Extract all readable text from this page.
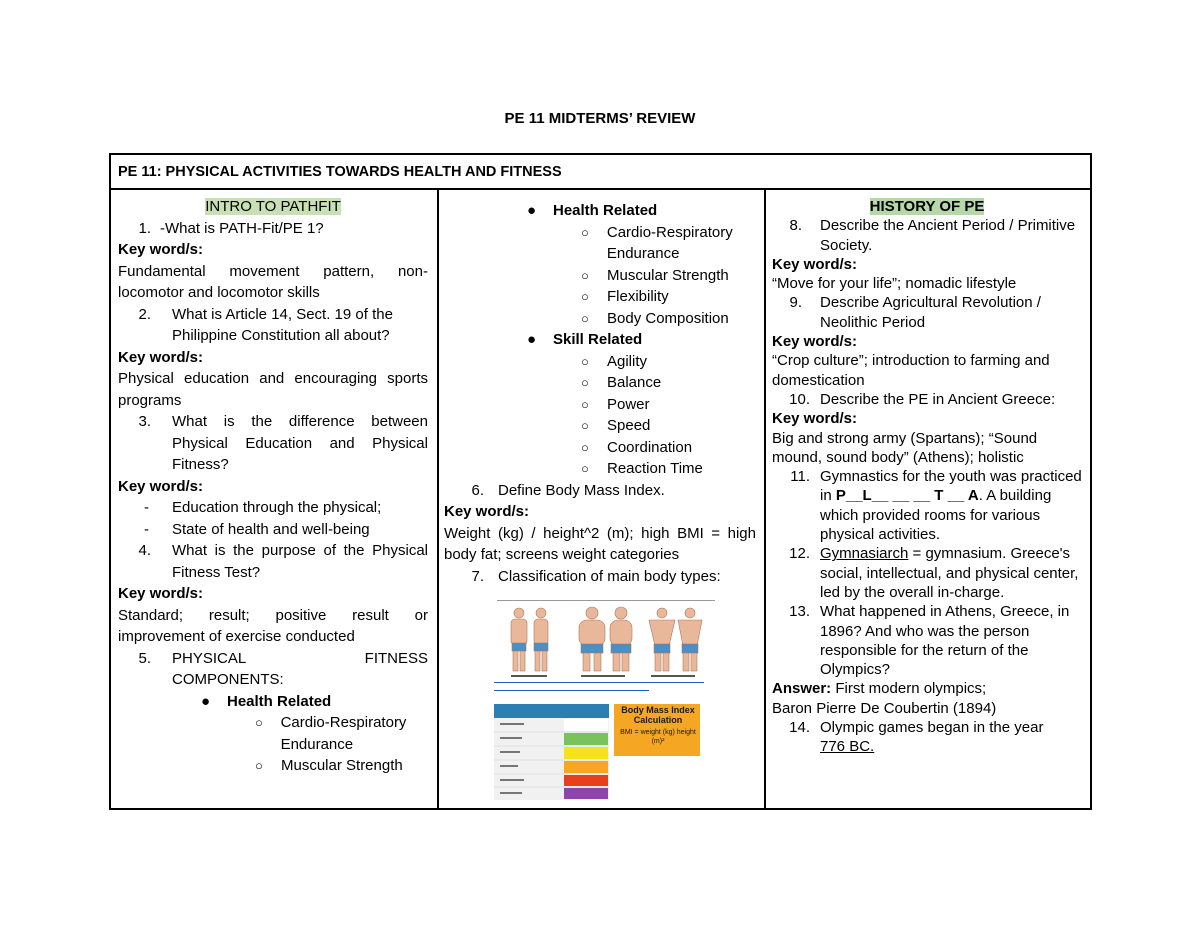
PE 11 MIDTERMS’ REVIEW
PE 11: PHYSICAL ACTIVITIES TOWARDS HEALTH AND FITNESS
INTRO TO PATHFIT
1. -What is PATH-Fit/PE 1?
Key word/s:
Fundamental movement pattern, non-locomotor and locomotor skills
2.	What is Article 14, Sect. 19 of the Philippine Constitution all about?
Key word/s:
Physical education and encouraging sports programs
3.	What is the difference between Physical Education and Physical Fitness?
Key word/s:
-	Education through the physical;
-	State of health and well-being
4.	What is the purpose of the Physical Fitness Test?
Key word/s:
Standard; result; positive result or improvement of exercise conducted
5.	PHYSICAL	FITNESS
COMPONENTS:
●	Health Related
○	Cardio-Respiratory Endurance
○	Muscular Strength
●	Health Related
○	Cardio-Respiratory Endurance
○	Muscular Strength
○	Flexibility
○	Body Composition
●	Skill Related
○	Agility
○	Balance
○	Power
○	Speed
○	Coordination
○	Reaction Time
6. Define Body Mass Index.
Key word/s:
Weight (kg) / height^2 (m); high BMI = high body fat; screens weight categories
7. Classification of main body types:
Body Mass Index Calculation
BMI = weight (kg) height (m)²
HISTORY OF PE
8.	Describe the Ancient Period / Primitive Society.
Key word/s:
“Move for your life”; nomadic lifestyle
9.	Describe Agricultural Revolution / Neolithic Period
Key word/s:
“Crop culture”; introduction to farming and domestication
10. Describe the PE in Ancient Greece:
Key word/s:
Big and strong army (Spartans); “Sound mound, sound body” (Athens); holistic
11. Gymnastics for the youth was practiced in P__L__ __ __ T __ A. A building which provided rooms for various physical activities.
12. Gymnasiarch = gymnasium. Greece's social, intellectual, and physical center, led by the overall in-charge.
13. What happened in Athens, Greece, in 1896? And who was the person responsible for the return of the Olympics?
Answer: First modern olympics;
Baron Pierre De Coubertin (1894)
14. Olympic games began in the year
776 BC.
